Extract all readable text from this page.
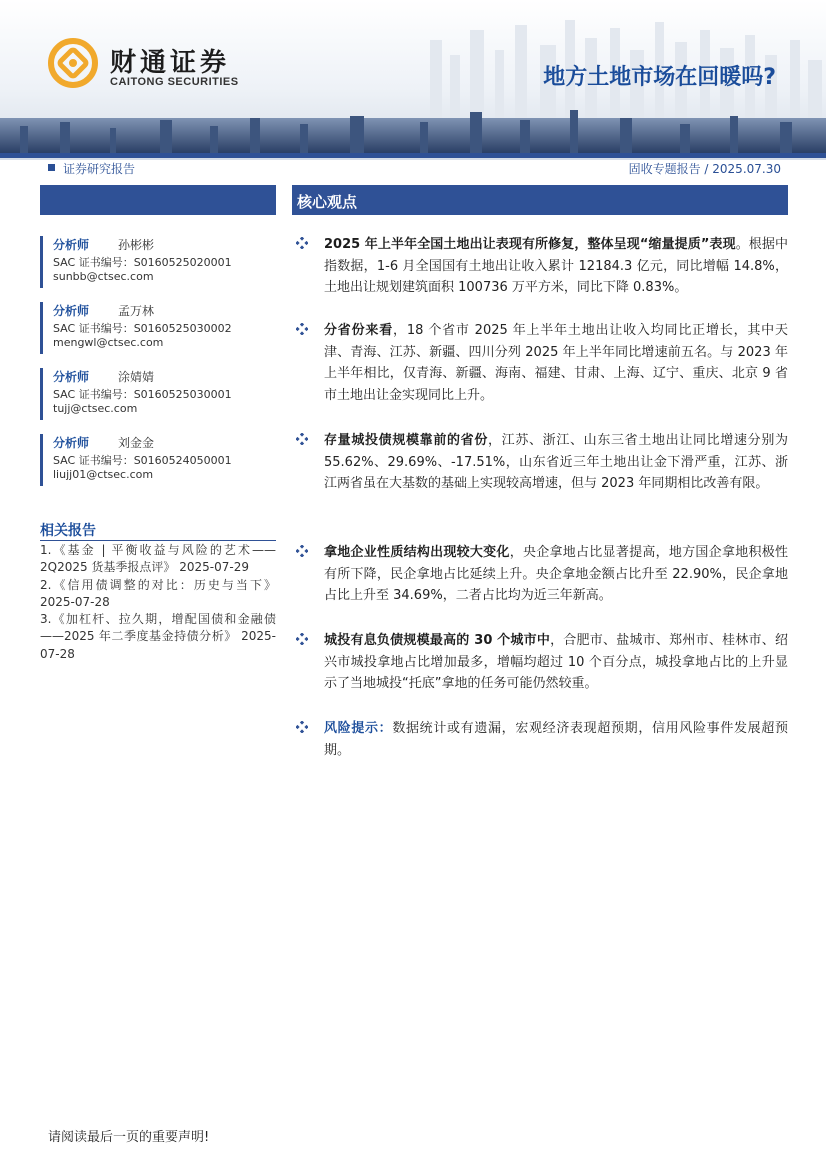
财通证券
CAITONG SECURITIES	地方土地市场在回暖吗?
证券研究报告	固收专题报告 / 2025.07.30
核心观点
分析师 孙彬彬
SAC 证书编号：S0160525020001
sunbb@ctsec.com
分析师 孟万林
SAC 证书编号：S0160525030002
mengwl@ctsec.com
分析师 涂婧婧
SAC 证书编号：S0160525030001
tujj@ctsec.com
分析师 刘金金
SAC 证书编号：S0160524050001
liujj01@ctsec.com
相关报告
1.《基金 | 平衡收益与风险的艺术——2Q2025 货基季报点评》 2025-07-29
2.《信用债调整的对比：历史与当下》 2025-07-28
3.《加杠杆、拉久期，增配国债和金融债——2025 年二季度基金持债分析》 2025-07-28

2025 年上半年全国土地出让表现有所修复，整体呈现“缩量提质”表现。根据中指数据，1-6 月全国国有土地出让收入累计 12184.3 亿元，同比增幅 14.8%，土地出让规划建筑面积 100736 万平方米，同比下降 0.83%。

分省份来看，18 个省市 2025 年上半年土地出让收入均同比正增长，其中天津、青海、江苏、新疆、四川分列 2025 年上半年同比增速前五名。与 2023 年上半年相比，仅青海、新疆、海南、福建、甘肃、上海、辽宁、重庆、北京 9 省市土地出让金实现同比上升。

存量城投债规模靠前的省份，江苏、浙江、山东三省土地出让同比增速分别为 55.62%、29.69%、-17.51%，山东省近三年土地出让金下滑严重，江苏、浙江两省虽在大基数的基础上实现较高增速，但与 2023 年同期相比改善有限。

拿地企业性质结构出现较大变化，央企拿地占比显著提高，地方国企拿地积极性有所下降，民企拿地占比延续上升。央企拿地金额占比升至 22.90%，民企拿地占比上升至 34.69%，二者占比均为近三年新高。

城投有息负债规模最高的 30 个城市中，合肥市、盐城市、郑州市、桂林市、绍兴市城投拿地占比增加最多，增幅均超过 10 个百分点，城投拿地占比的上升显示了当地城投“托底”拿地的任务可能仍然较重。

风险提示：数据统计或有遗漏，宏观经济表现超预期，信用风险事件发展超预期。

请阅读最后一页的重要声明!
